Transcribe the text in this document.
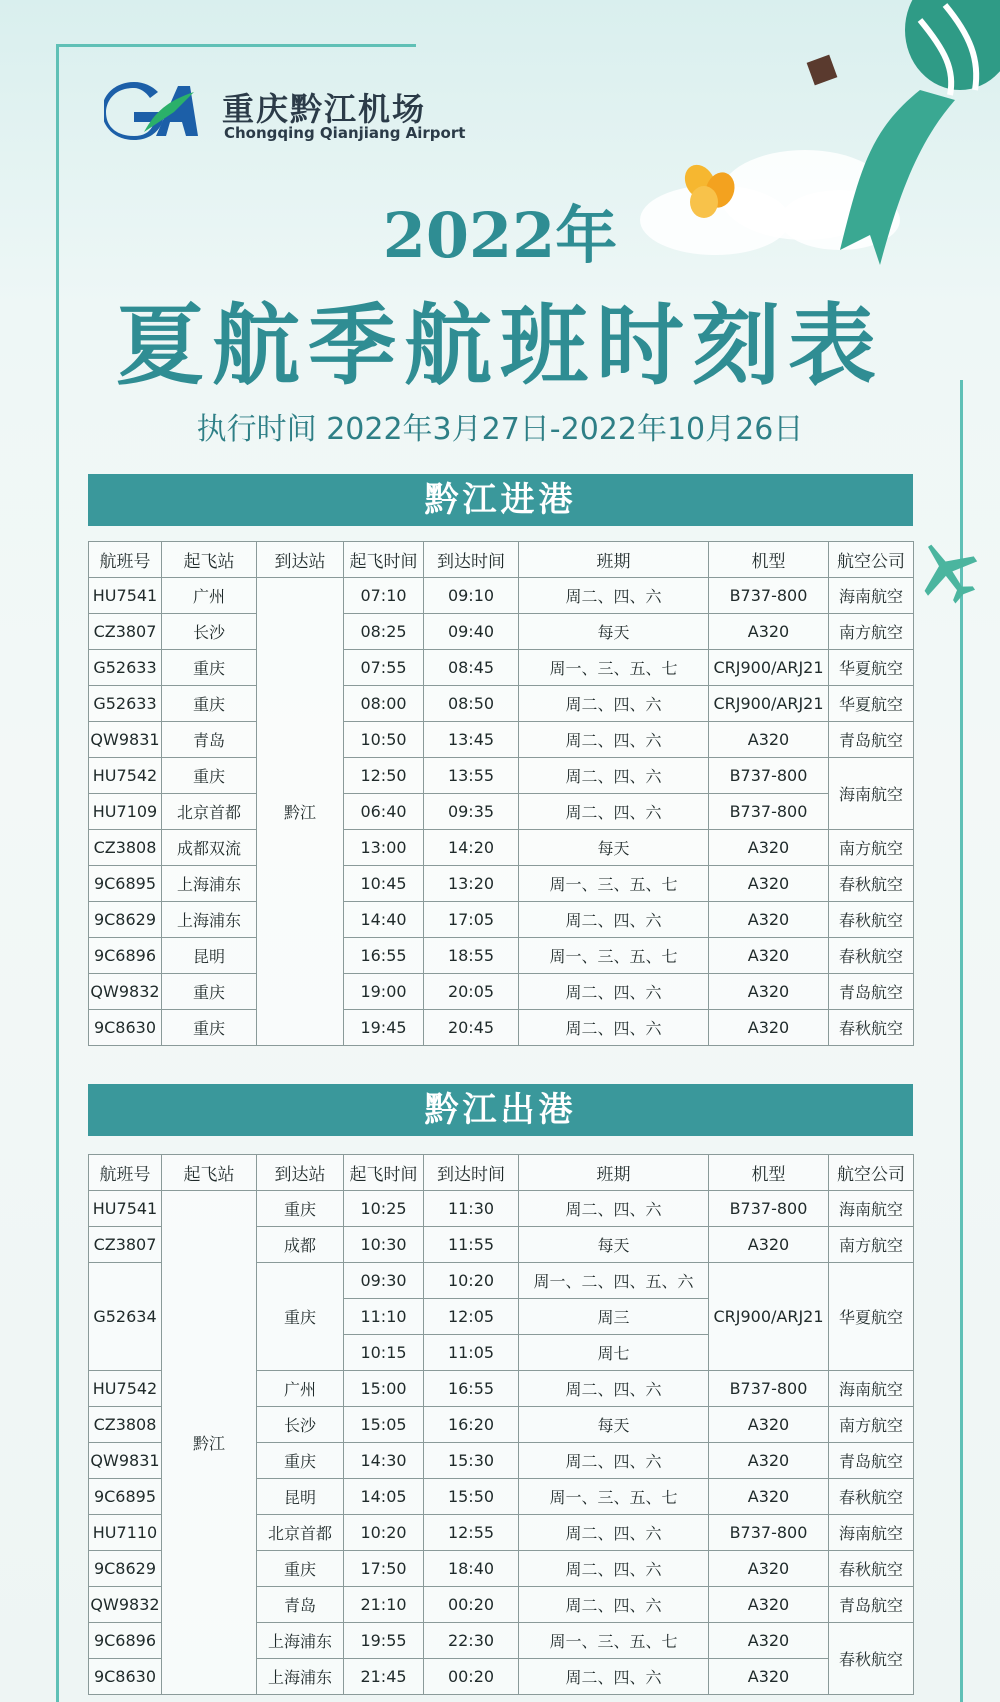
重庆黔江机场
Chongqing Qianjiang Airport
2022年
夏航季航班时刻表
执行时间 2022年3月27日-2022年10月26日
黔江进港
航班号	起飞站	到达站	起飞时间	到达时间	班期	机型	航空公司
HU7541	广州	黔江	07:10	09:10	周二、四、六	B737-800	海南航空
CZ3807	长沙		08:25	09:40	每天	A320	南方航空
G52633	重庆		07:55	08:45	周一、三、五、七	CRJ900/ARJ21	华夏航空
G52633	重庆		08:00	08:50	周二、四、六	CRJ900/ARJ21	华夏航空
QW9831	青岛		10:50	13:45	周二、四、六	A320	青岛航空
HU7542	重庆		12:50	13:55	周二、四、六	B737-800	海南航空
HU7109	北京首都		06:40	09:35	周二、四、六	B737-800	
CZ3808	成都双流		13:00	14:20	每天	A320	南方航空
9C6895	上海浦东		10:45	13:20	周一、三、五、七	A320	春秋航空
9C8629	上海浦东		14:40	17:05	周二、四、六	A320	春秋航空
9C6896	昆明		16:55	18:55	周一、三、五、七	A320	春秋航空
QW9832	重庆		19:00	20:05	周二、四、六	A320	青岛航空
9C8630	重庆		19:45	20:45	周二、四、六	A320	春秋航空
黔江出港
航班号	起飞站	到达站	起飞时间	到达时间	班期	机型	航空公司
HU7541	黔江	重庆	10:25	11:30	周二、四、六	B737-800	海南航空
CZ3807		成都	10:30	11:55	每天	A320	南方航空
G52634		重庆	09:30	10:20	周一、二、四、五、六	CRJ900/ARJ21	华夏航空
			11:10	12:05	周三		
			10:15	11:05	周七		
HU7542		广州	15:00	16:55	周二、四、六	B737-800	海南航空
CZ3808		长沙	15:05	16:20	每天	A320	南方航空
QW9831		重庆	14:30	15:30	周二、四、六	A320	青岛航空
9C6895		昆明	14:05	15:50	周一、三、五、七	A320	春秋航空
HU7110		北京首都	10:20	12:55	周二、四、六	B737-800	海南航空
9C8629		重庆	17:50	18:40	周二、四、六	A320	春秋航空
QW9832		青岛	21:10	00:20	周二、四、六	A320	青岛航空
9C6896		上海浦东	19:55	22:30	周一、三、五、七	A320	春秋航空
9C8630		上海浦东	21:45	00:20	周二、四、六	A320	
